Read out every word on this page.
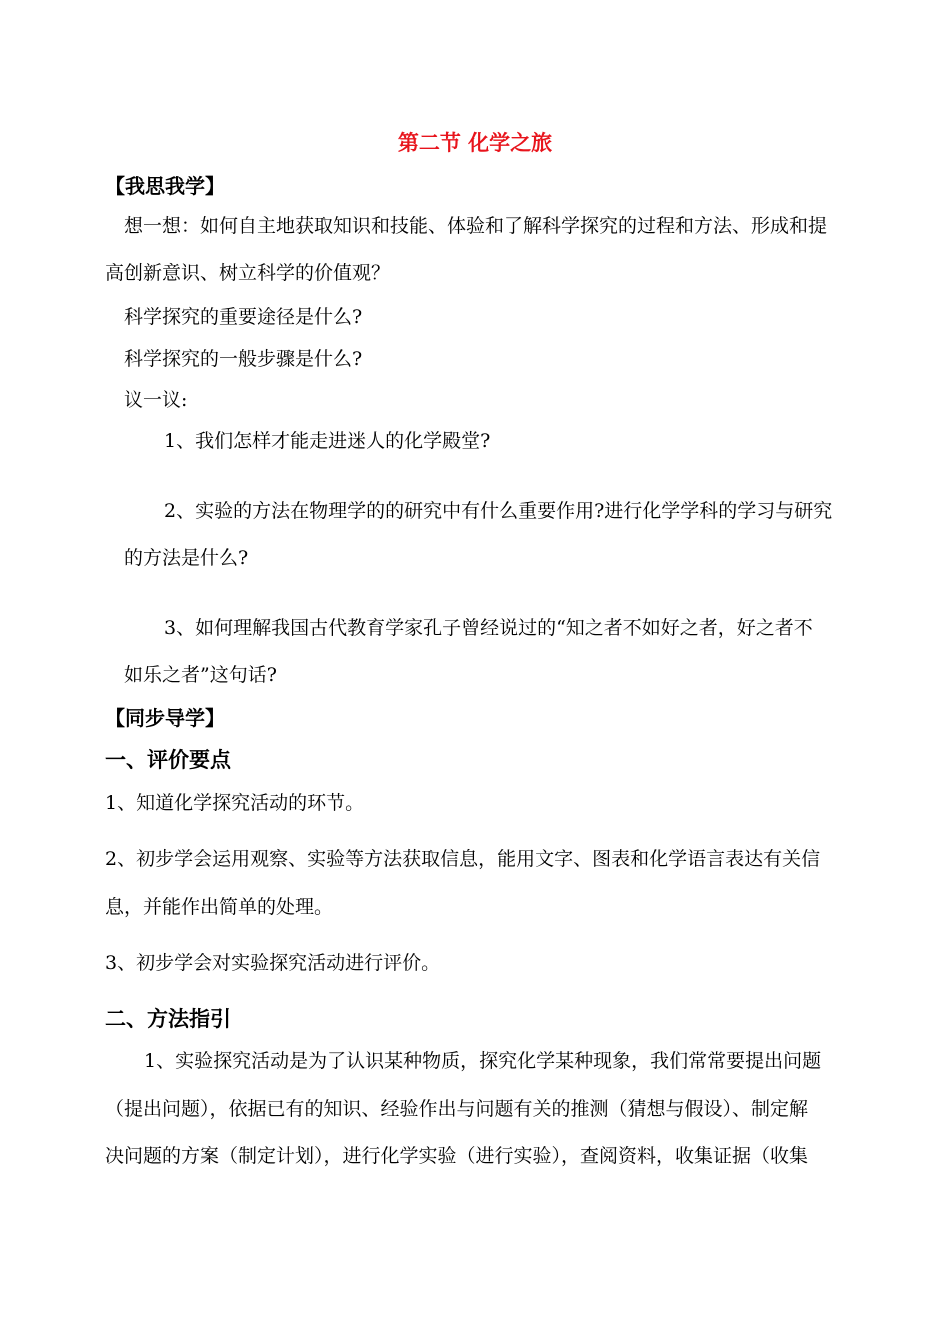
第二节 化学之旅
【我思我学】
想一想：如何自主地获取知识和技能、体验和了解科学探究的过程和方法、形成和提
高创新意识、树立科学的价值观？
科学探究的重要途径是什么?
科学探究的一般步骤是什么?
议一议:
1、我们怎样才能走进迷人的化学殿堂?
2、实验的方法在物理学的的研究中有什么重要作用?进行化学学科的学习与研究
的方法是什么?
3、如何理解我国古代教育学家孔子曾经说过的“知之者不如好之者，好之者不
如乐之者”这句话?
【同步导学】
一、评价要点
1、知道化学探究活动的环节。
2、初步学会运用观察、实验等方法获取信息，能用文字、图表和化学语言表达有关信
息，并能作出简单的处理。
3、初步学会对实验探究活动进行评价。
二、方法指引
1、实验探究活动是为了认识某种物质，探究化学某种现象，我们常常要提出问题
（提出问题），依据已有的知识、经验作出与问题有关的推测（猜想与假设）、制定解
决问题的方案（制定计划），进行化学实验（进行实验），查阅资料，收集证据（收集
